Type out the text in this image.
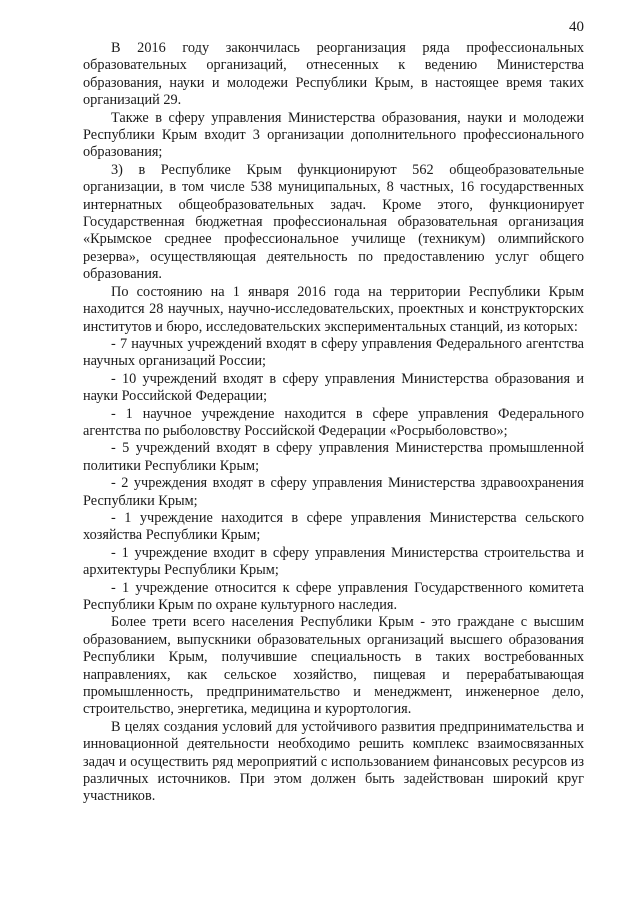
40

В 2016 году закончилась реорганизация ряда профессиональных образовательных организаций, отнесенных к ведению Министерства образования, науки и молодежи Республики Крым, в настоящее время таких организаций 29.

Также в сферу управления Министерства образования, науки и молодежи Республики Крым входит 3 организации дополнительного профессионального образования;

3) в Республике Крым функционируют 562 общеобразовательные организации, в том числе 538 муниципальных, 8 частных, 16 государственных интернатных общеобразовательных задач. Кроме этого, функционирует Государственная бюджетная профессиональная образовательная организация «Крымское среднее профессиональное училище (техникум) олимпийского резерва», осуществляющая деятельность по предоставлению услуг общего образования.

По состоянию на 1 января 2016 года на территории Республики Крым находится 28 научных, научно-исследовательских, проектных и конструкторских институтов и бюро, исследовательских экспериментальных станций, из которых:

- 7 научных учреждений входят в сферу управления Федерального агентства научных организаций России;

- 10 учреждений входят в сферу управления Министерства образования и науки Российской Федерации;

- 1 научное учреждение находится в сфере управления Федерального агентства по рыболовству Российской Федерации «Росрыболовство»;

- 5 учреждений входят в сферу управления Министерства промышленной политики Республики Крым;

- 2 учреждения входят в сферу управления Министерства здравоохранения Республики Крым;

- 1 учреждение находится в сфере управления Министерства сельского хозяйства Республики Крым;

- 1 учреждение входит в сферу управления Министерства строительства и архитектуры Республики Крым;

- 1 учреждение относится к сфере управления Государственного комитета Республики Крым по охране культурного наследия.

Более трети всего населения Республики Крым - это граждане с высшим образованием, выпускники образовательных организаций высшего образования Республики Крым, получившие специальность в таких востребованных направлениях, как сельское хозяйство, пищевая и перерабатывающая промышленность, предпринимательство и менеджмент, инженерное дело, строительство, энергетика, медицина и курортология.

В целях создания условий для устойчивого развития предпринимательства и инновационной деятельности необходимо решить комплекс взаимосвязанных задач и осуществить ряд мероприятий с использованием финансовых ресурсов из различных источников. При этом должен быть задействован широкий круг участников.
